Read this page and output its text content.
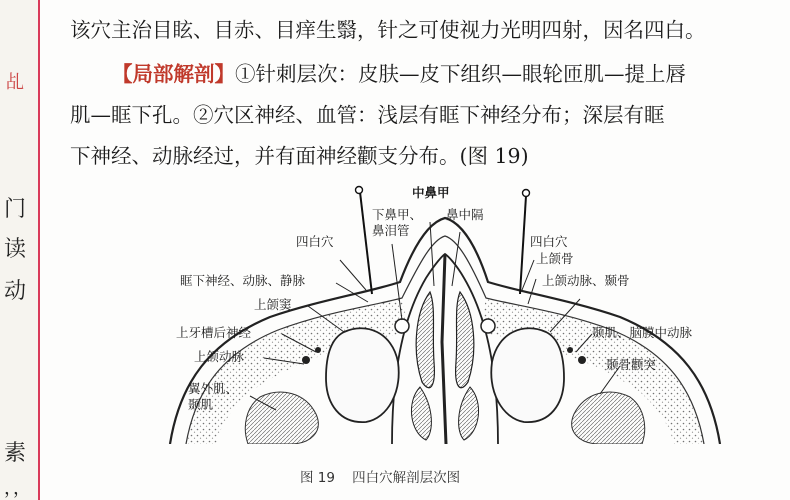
乩
门
读
动
素
，，
该穴主治目眩、目赤、目痒生翳，针之可使视力光明四射，因名四白。
【局部解剖】①针刺层次：皮肤—皮下组织—眼轮匝肌—提上唇
肌—眶下孔。②穴区神经、血管：浅层有眶下神经分布；深层有眶
下神经、动脉经过，并有面神经颧支分布。(图 19)
中鼻甲
下鼻甲、
鼻泪管
鼻中隔
四白穴	四白穴
眶下神经、动脉、静脉
上颌窦
上牙槽后神经
上颌动脉
翼外肌、
颞肌
上颌骨
上颌动脉、颞骨
颞肌、脑膜中动脉
颞骨颧突
图 19    四白穴解剖层次图
